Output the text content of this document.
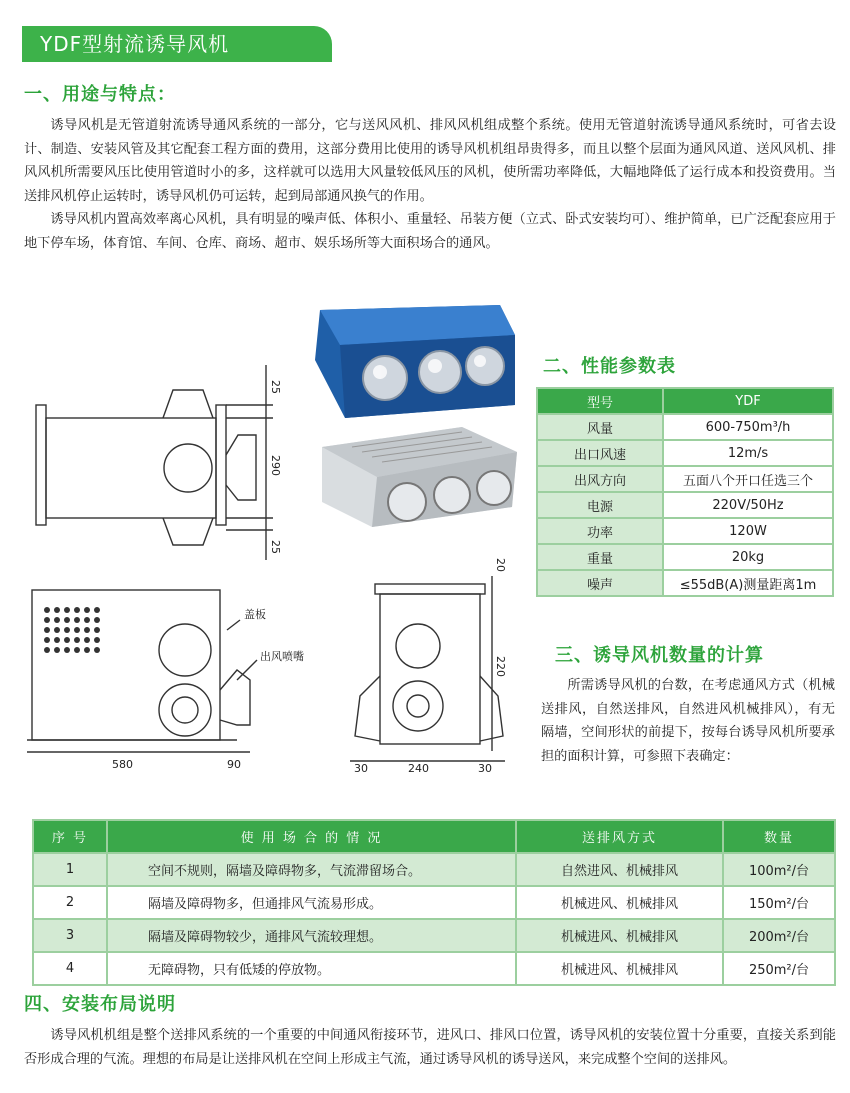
YDF型射流诱导风机
一、用途与特点：

诱导风机是无管道射流诱导通风系统的一部分，它与送风风机、排风风机组成整个系统。使用无管道射流诱导通风系统时，可省去设计、制造、安装风管及其它配套工程方面的费用，这部分费用比使用的诱导风机机组昂贵得多，而且以整个层面为通风风道、送风风机、排风风机所需要风压比使用管道时小的多，这样就可以选用大风量较低风压的风机，使所需功率降低，大幅地降低了运行成本和投资费用。当送排风机停止运转时，诱导风机仍可运转，起到局部通风换气的作用。

诱导风机内置高效率离心风机，具有明显的噪声低、体积小、重量轻、吊装方便（立式、卧式安装均可）、维护简单，已广泛配套应用于地下停车场，体育馆、车间、仓库、商场、超市、娱乐场所等大面积场合的通风。

25
290
25
盖板
出风喷嘴
580	90
20
220
30	240	30
二、性能参数表
型号	YDF
风量	600-750m³/h
出口风速	12m/s
出风方向	五面八个开口任选三个
电源	220V/50Hz
功率	120W
重量	20kg
噪声	≤55dB(A)测量距离1m
三、诱导风机数量的计算

所需诱导风机的台数，在考虑通风方式（机械送排风，自然送排风，自然进风机械排风），有无隔墙，空间形状的前提下，按每台诱导风机所要承担的面积计算，可参照下表确定：

序 号	使 用 场 合 的 情 况	送排风方式	数量
1	空间不规则，隔墙及障碍物多，气流滞留场合。	自然进风、机械排风	100m²/台
2	隔墙及障碍物多，但通排风气流易形成。	机械进风、机械排风	150m²/台
3	隔墙及障碍物较少，通排风气流较理想。	机械进风、机械排风	200m²/台
4	无障碍物，只有低矮的停放物。	机械进风、机械排风	250m²/台
四、安装布局说明

诱导风机机组是整个送排风系统的一个重要的中间通风衔接环节，进风口、排风口位置，诱导风机的安装位置十分重要，直接关系到能否形成合理的气流。理想的布局是让送排风机在空间上形成主气流，通过诱导风机的诱导送风，来完成整个空间的送排风。
